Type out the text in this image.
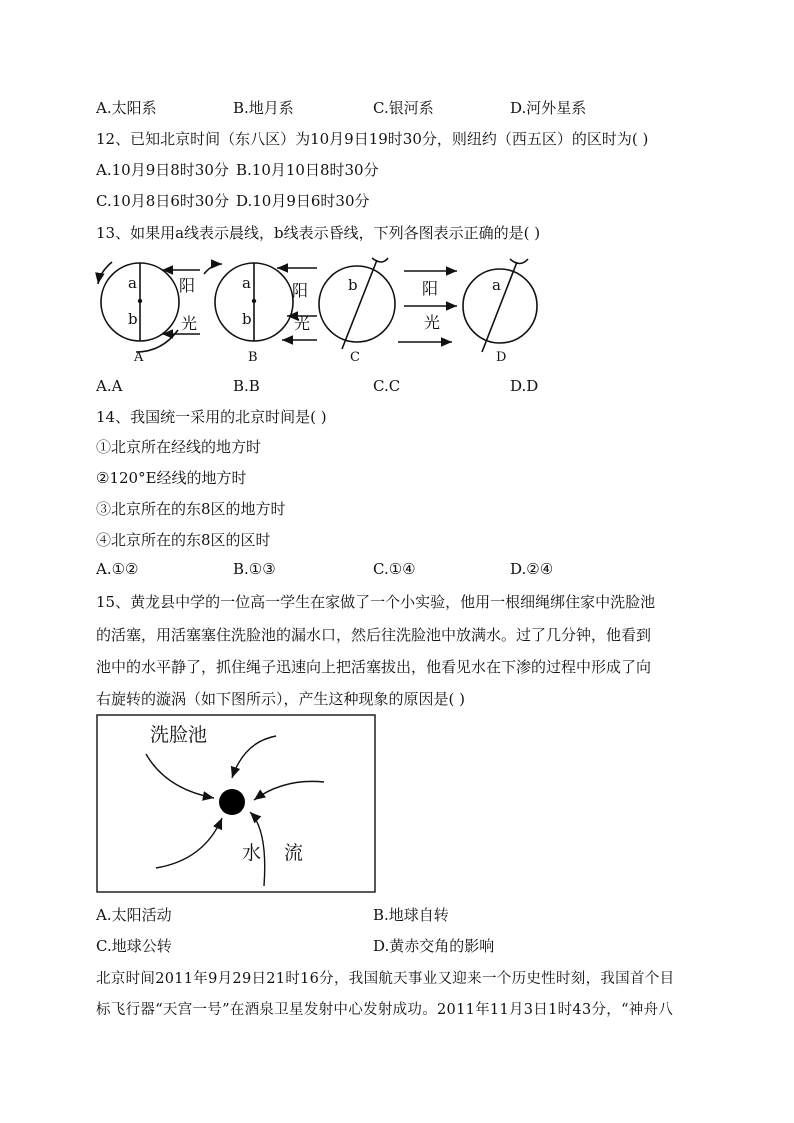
A.太阳系	B.地月系	C.银河系	D.河外星系
12、已知北京时间（东八区）为10月9日19时30分，则纽约（西五区）的区时为( )
A.10月9日8时30分 B.10月10日8时30分
C.10月8日6时30分 D.10月9日6时30分
13、如果用a线表示晨线，b线表示昏线，下列各图表示正确的是( )
a
b
a
b
b	a
阳
光
阳
光
阳
光
A	B	C	D
A.A	B.B	C.C	D.D
14、我国统一采用的北京时间是( )
①北京所在经线的地方时
②120°E经线的地方时
③北京所在的东8区的地方时
④北京所在的东8区的区时
A.①②	B.①③	C.①④	D.②④
15、黄龙县中学的一位高一学生在家做了一个小实验，他用一根细绳绑住家中洗脸池
的活塞，用活塞塞住洗脸池的漏水口，然后往洗脸池中放满水。过了几分钟，他看到
池中的水平静了，抓住绳子迅速向上把活塞拔出，他看见水在下渗的过程中形成了向
右旋转的漩涡（如下图所示），产生这种现象的原因是( )
洗脸池
水 流
A.太阳活动	B.地球自转
C.地球公转	D.黄赤交角的影响
北京时间2011年9月29日21时16分，我国航天事业又迎来一个历史性时刻，我国首个目
标飞行器“天宫一号”在酒泉卫星发射中心发射成功。2011年11月3日1时43分，“神舟八
